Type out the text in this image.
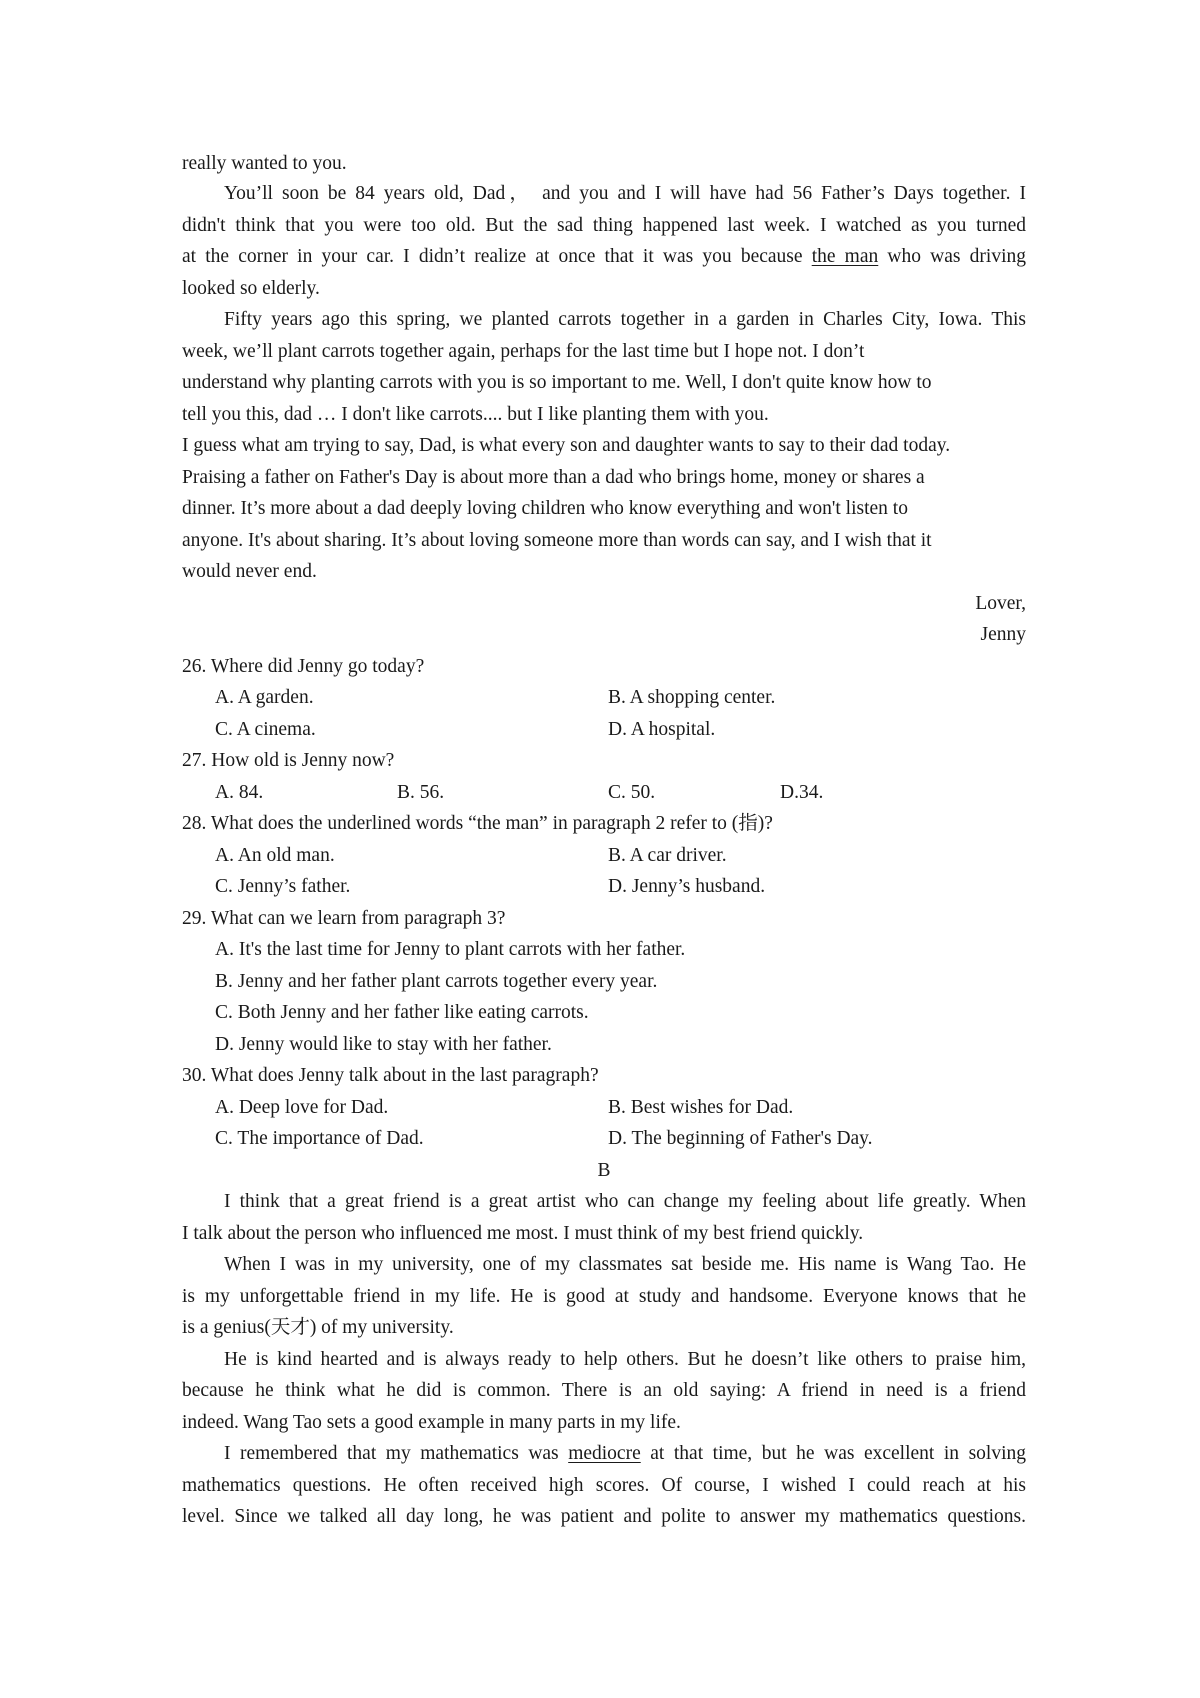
really wanted to you.
You’ll soon be 84 years old, Dad， and you and I will have had 56 Father’s Days together. I
didn't think that you were too old. But the sad thing happened last week. I watched as you turned
at the corner in your car. I didn’t realize at once that it was you because the man who was driving
looked so elderly.
Fifty years ago this spring, we planted carrots together in a garden in Charles City, Iowa. This
week, we’ll plant carrots together again, perhaps for the last time but I hope not. I don’t
understand why planting carrots with you is so important to me. Well, I don't quite know how to
tell you this, dad … I don't like carrots.... but I like planting them with you.
I guess what am trying to say, Dad, is what every son and daughter wants to say to their dad today.
Praising a father on Father's Day is about more than a dad who brings home, money or shares a
dinner. It’s more about a dad deeply loving children who know everything and won't listen to
anyone. It's about sharing. It’s about loving someone more than words can say, and I wish that it
would never end.
Lover,
Jenny
26. Where did Jenny go today?
A. A garden.	B. A shopping center.
C. A cinema.	D. A hospital.
27. How old is Jenny now?
A. 84.	B. 56.	C. 50.	D.34.
28. What does the underlined words “the man” in paragraph 2 refer to (指)?
A. An old man.	B. A car driver.
C. Jenny’s father.	D. Jenny’s husband.
29. What can we learn from paragraph 3?
A. It's the last time for Jenny to plant carrots with her father.
B. Jenny and her father plant carrots together every year.
C. Both Jenny and her father like eating carrots.
D. Jenny would like to stay with her father.
30. What does Jenny talk about in the last paragraph?
A. Deep love for Dad.	B. Best wishes for Dad.
C. The importance of Dad.	D. The beginning of Father's Day.
B
I think that a great friend is a great artist who can change my feeling about life greatly. When
I talk about the person who influenced me most. I must think of my best friend quickly.
When I was in my university, one of my classmates sat beside me. His name is Wang Tao. He
is my unforgettable friend in my life. He is good at study and handsome. Everyone knows that he
is a genius(天才) of my university.
He is kind hearted and is always ready to help others. But he doesn’t like others to praise him,
because he think what he did is common. There is an old saying: A friend in need is a friend
indeed. Wang Tao sets a good example in many parts in my life.
I remembered that my mathematics was mediocre at that time, but he was excellent in solving
mathematics questions. He often received high scores. Of course, I wished I could reach at his
level. Since we talked all day long, he was patient and polite to answer my mathematics questions.
